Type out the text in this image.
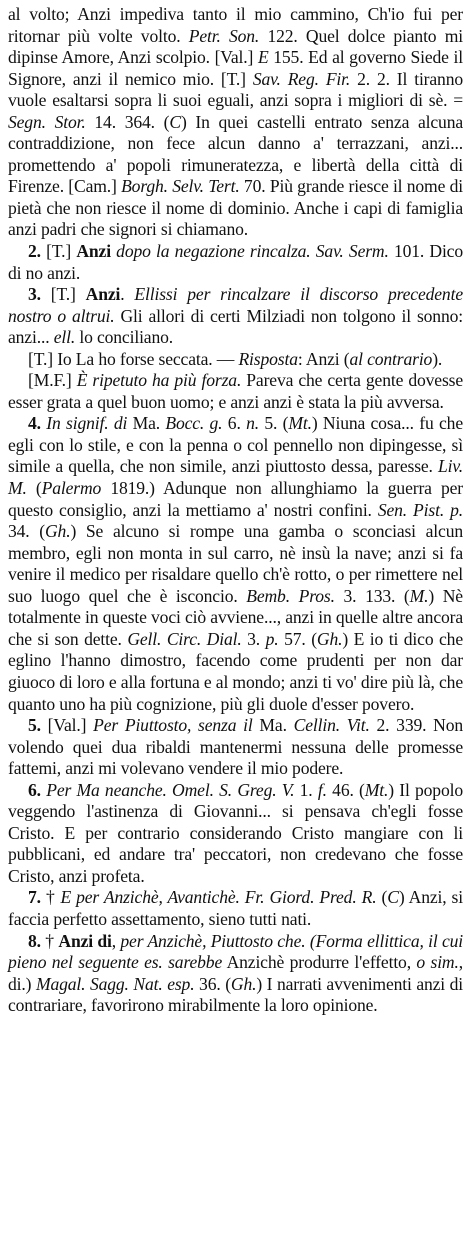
al volto; Anzi impediva tanto il mio cammino, Ch'io fui per ritornar più volte volto. Petr. Son. 122. Quel dolce pianto mi dipinse Amore, Anzi scolpio. [Val.] E 155. Ed al governo Siede il Signore, anzi il nemico mio. [T.] Sav. Reg. Fir. 2. 2. Il tiranno vuole esaltarsi sopra li suoi eguali, anzi sopra i migliori di sè. = Segn. Stor. 14. 364. (C) In quei castelli entrato senza alcuna contraddizione, non fece alcun danno a' terrazzani, anzi... promettendo a' popoli rimuneratezza, e libertà della città di Firenze. [Cam.] Borgh. Selv. Tert. 70. Più grande riesce il nome di pietà che non riesce il nome di dominio. Anche i capi di famiglia anzi padri che signori si chiamano.

2. [T.] Anzi dopo la negazione rincalza. Sav. Serm. 101. Dico di no anzi.

3. [T.] Anzi. Ellissi per rincalzare il discorso precedente nostro o altrui. Gli allori di certi Milziadi non tolgono il sonno: anzi... ell. lo conciliano.

[T.] Io La ho forse seccata. — Risposta: Anzi (al contrario).

[M.F.] È ripetuto ha più forza. Pareva che certa gente dovesse esser grata a quel buon uomo; e anzi anzi è stata la più avversa.

4. In signif. di Ma. Bocc. g. 6. n. 5. (Mt.) Niuna cosa... fu che egli con lo stile, e con la penna o col pennello non dipingesse, sì simile a quella, che non simile, anzi piuttosto dessa, paresse. Liv. M. (Palermo 1819.) Adunque non allunghiamo la guerra per questo consiglio, anzi la mettiamo a' nostri confini. Sen. Pist. p. 34. (Gh.) Se alcuno si rompe una gamba o sconciasi alcun membro, egli non monta in sul carro, nè insù la nave; anzi si fa venire il medico per risaldare quello ch'è rotto, o per rimettere nel suo luogo quel che è isconcio. Bemb. Pros. 3. 133. (M.) Nè totalmente in queste voci ciò avviene..., anzi in quelle altre ancora che si son dette. Gell. Circ. Dial. 3. p. 57. (Gh.) E io ti dico che eglino l'hanno dimostro, facendo come prudenti per non dar giuoco di loro e alla fortuna e al mondo; anzi ti vo' dire più là, che quanto uno ha più cognizione, più gli duole d'esser povero.

5. [Val.] Per Piuttosto, senza il Ma. Cellin. Vit. 2. 339. Non volendo quei dua ribaldi mantenermi nessuna delle promesse fattemi, anzi mi volevano vendere il mio podere.

6. Per Ma neanche. Omel. S. Greg. V. 1. f. 46. (Mt.) Il popolo veggendo l'astinenza di Giovanni... si pensava ch'egli fosse Cristo. E per contrario considerando Cristo mangiare con li pubblicani, ed andare tra' peccatori, non credevano che fosse Cristo, anzi profeta.

7. † E per Anzichè, Avantichè. Fr. Giord. Pred. R. (C) Anzi, si faccia perfetto assettamento, sieno tutti nati.

8. † Anzi di, per Anzichè, Piuttosto che. (Forma ellittica, il cui pieno nel seguente es. sarebbe Anzichè produrre l'effetto, o sim., di.) Magal. Sagg. Nat. esp. 36. (Gh.) I narrati avvenimenti anzi di contrariare, favorirono mirabilmente la loro opinione.
